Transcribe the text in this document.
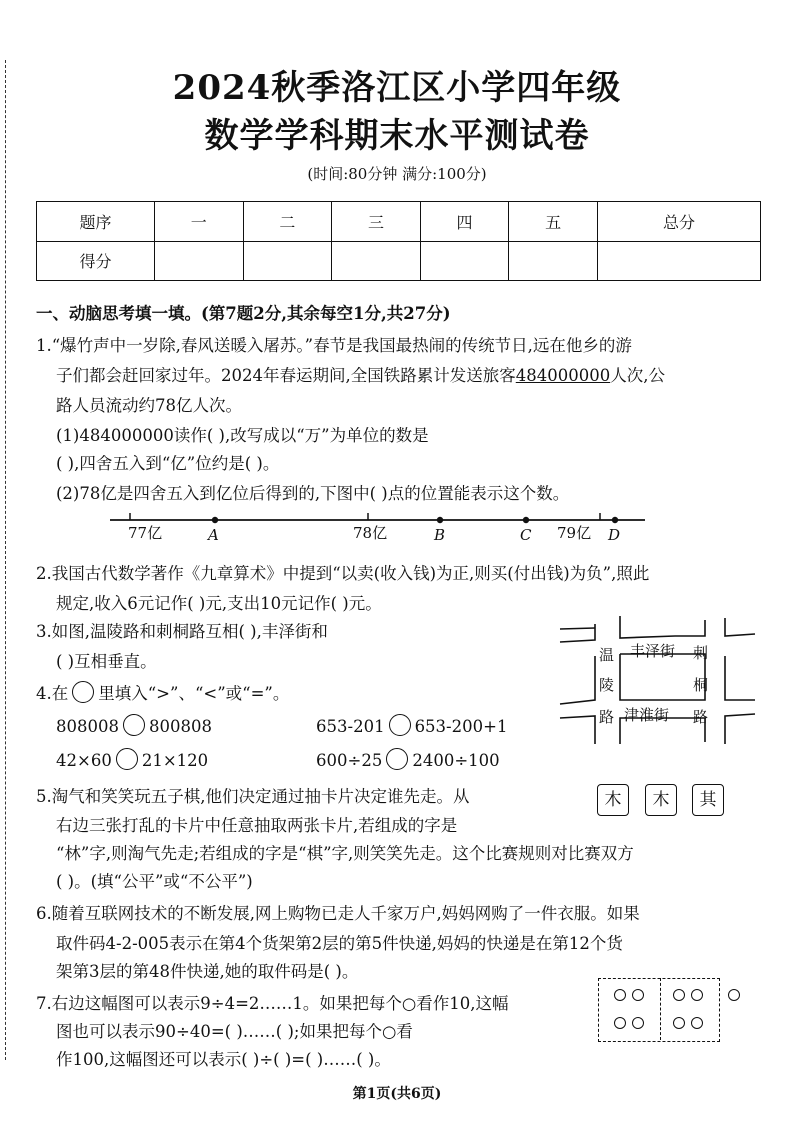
2024秋季洛江区小学四年级
数学学科期末水平测试卷
(时间:80分钟 满分:100分)
题序	一	二	三	四	五	总分
得分						
一、动脑思考填一填。(第7题2分,其余每空1分,共27分)
1.“爆竹声中一岁除,春风送暖入屠苏。”春节是我国最热闹的传统节日,远在他乡的游
子们都会赶回家过年。2024年春运期间,全国铁路累计发送旅客484000000人次,公
路人员流动约78亿人次。
(1)484000000读作( ),改写成以“万”为单位的数是
( ),四舍五入到“亿”位约是( )。
(2)78亿是四舍五入到亿位后得到的,下图中( )点的位置能表示这个数。
77亿	78亿	79亿
A	B	C	D
2.我国古代数学著作《九章算术》中提到“以卖(收入钱)为正,则买(付出钱)为负”,照此
规定,收入6元记作( )元,支出10元记作( )元。
3.如图,温陵路和刺桐路互相( ),丰泽街和
( )互相垂直。
丰泽街
津淮街
温
陵
路
刺
桐
路
4.在 里填入“>”、“<”或“=”。
808008 800808	653-201 653-200+1
42×60 21×120	600÷25 2400÷100
5.淘气和笑笑玩五子棋,他们决定通过抽卡片决定谁先走。从
右边三张打乱的卡片中任意抽取两张卡片,若组成的字是
“林”字,则淘气先走;若组成的字是“棋”字,则笑笑先走。这个比赛规则对比赛双方
( )。(填“公平”或“不公平”)
木	木	其
6.随着互联网技术的不断发展,网上购物已走人千家万户,妈妈网购了一件衣服。如果
取件码4-2-005表示在第4个货架第2层的第5件快递,妈妈的快递是在第12个货
架第3层的第48件快递,她的取件码是( )。
7.右边这幅图可以表示9÷4=2……1。如果把每个○看作10,这幅
图也可以表示90÷40=( )……( );如果把每个○看
作100,这幅图还可以表示( )÷( )=( )……( )。
第1页(共6页)
